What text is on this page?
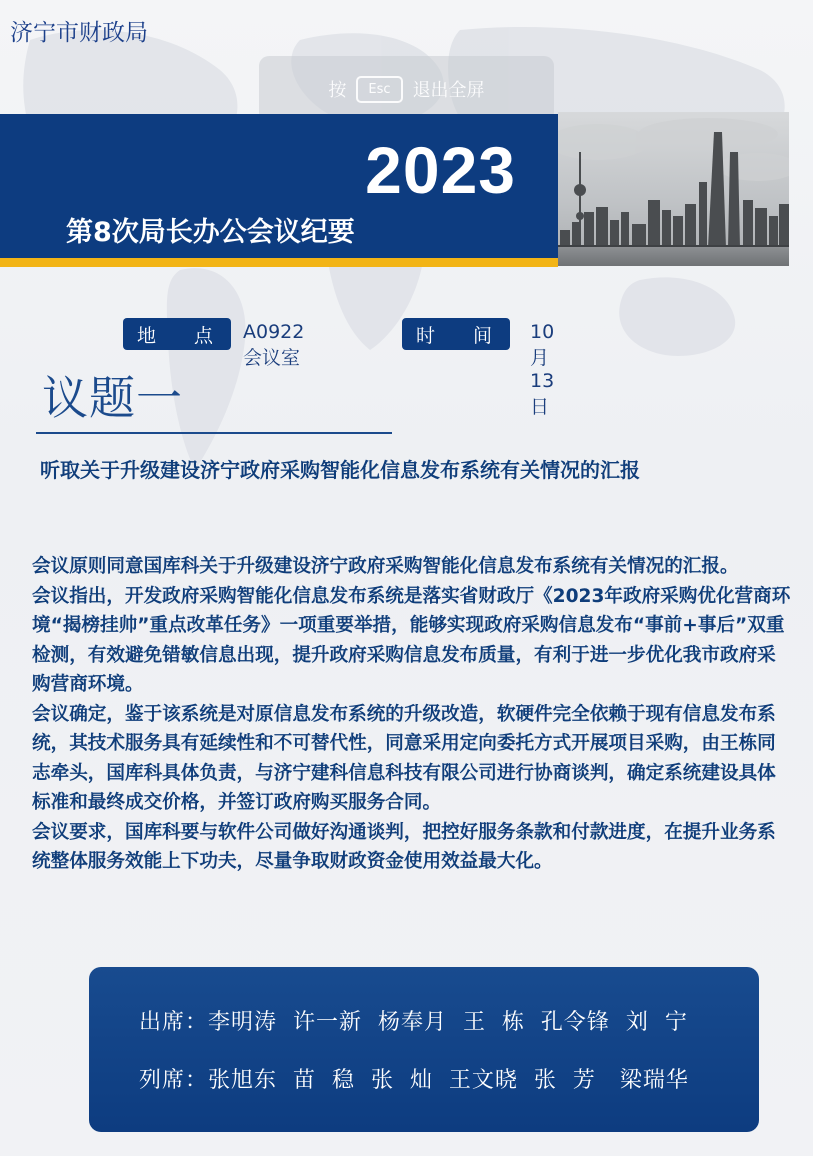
济宁市财政局
按	Esc	退出全屏
2023
第8次局长办公会议纪要
地　　点 A0922会议室
时　　间 10月13日
议题一
听取关于升级建设济宁政府采购智能化信息发布系统有关情况的汇报

会议原则同意国库科关于升级建设济宁政府采购智能化信息发布系统有关情况的汇报。

会议指出，开发政府采购智能化信息发布系统是落实省财政厅《2023年政府采购优化营商环境“揭榜挂帅”重点改革任务》一项重要举措，能够实现政府采购信息发布“事前+事后”双重检测，有效避免错敏信息出现，提升政府采购信息发布质量，有利于进一步优化我市政府采购营商环境。

会议确定，鉴于该系统是对原信息发布系统的升级改造，软硬件完全依赖于现有信息发布系统，其技术服务具有延续性和不可替代性，同意采用定向委托方式开展项目采购，由王栋同志牵头，国库科具体负责，与济宁建科信息科技有限公司进行协商谈判，确定系统建设具体标准和最终成交价格，并签订政府购买服务合同。

会议要求，国库科要与软件公司做好沟通谈判，把控好服务条款和付款进度，在提升业务系统整体服务效能上下功夫，尽量争取财政资金使用效益最大化。

出席：李明涛  许一新  杨奉月  王  栋  孔令锋  刘  宁
列席：张旭东  苗  稳  张  灿  王文晓  张  芳   梁瑞华
